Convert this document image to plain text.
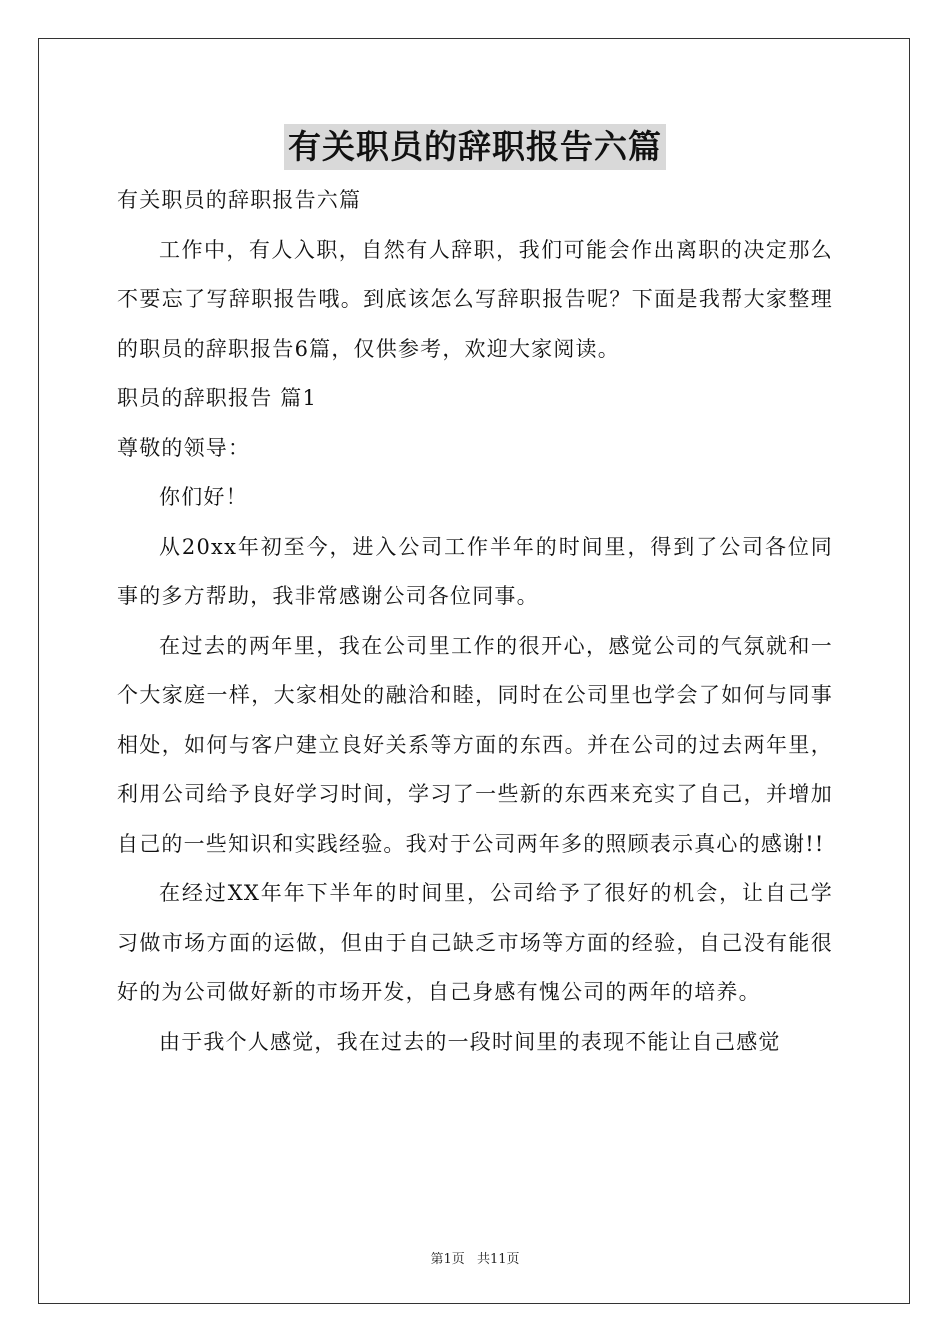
有关职员的辞职报告六篇

有关职员的辞职报告六篇

工作中，有人入职，自然有人辞职，我们可能会作出离职的决定那么不要忘了写辞职报告哦。到底该怎么写辞职报告呢？下面是我帮大家整理的职员的辞职报告6篇，仅供参考，欢迎大家阅读。

职员的辞职报告 篇1

尊敬的领导：

你们好！

从20xx年初至今，进入公司工作半年的时间里，得到了公司各位同事的多方帮助，我非常感谢公司各位同事。

在过去的两年里，我在公司里工作的很开心，感觉公司的气氛就和一个大家庭一样，大家相处的融洽和睦，同时在公司里也学会了如何与同事相处，如何与客户建立良好关系等方面的东西。并在公司的过去两年里，利用公司给予良好学习时间，学习了一些新的东西来充实了自己，并增加自己的一些知识和实践经验。我对于公司两年多的照顾表示真心的感谢!!

在经过XX年年下半年的时间里，公司给予了很好的机会，让自己学习做市场方面的运做，但由于自己缺乏市场等方面的经验，自己没有能很好的为公司做好新的市场开发，自己身感有愧公司的两年的培养。

由于我个人感觉，我在过去的一段时间里的表现不能让自己感觉

第1页 共11页
